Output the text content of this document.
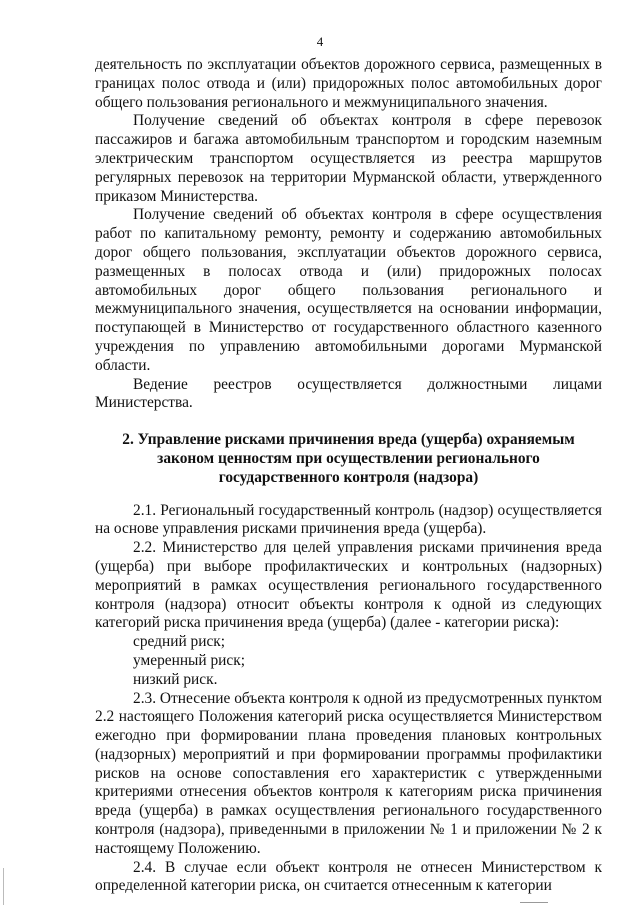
4

деятельность по эксплуатации объектов дорожного сервиса, размещенных в границах полос отвода и (или) придорожных полос автомобильных дорог общего пользования регионального и межмуниципального значения.

Получение сведений об объектах контроля в сфере перевозок пассажиров и багажа автомобильным транспортом и городским наземным электрическим транспортом осуществляется из реестра маршрутов регулярных перевозок на территории Мурманской области, утвержденного приказом Министерства.

Получение сведений об объектах контроля в сфере осуществления работ по капитальному ремонту, ремонту и содержанию автомобильных дорог общего пользования, эксплуатации объектов дорожного сервиса, размещенных в полосах отвода и (или) придорожных полосах автомобильных дорог общего пользования регионального и межмуниципального значения, осуществляется на основании информации, поступающей в Министерство от государственного областного казенного учреждения по управлению автомобильными дорогами Мурманской области.

Ведение реестров осуществляется должностными лицами Министерства.

2. Управление рисками причинения вреда (ущерба) охраняемым законом ценностям при осуществлении регионального государственного контроля (надзора)

2.1. Региональный государственный контроль (надзор) осуществляется на основе управления рисками причинения вреда (ущерба).

2.2. Министерство для целей управления рисками причинения вреда (ущерба) при выборе профилактических и контрольных (надзорных) мероприятий в рамках осуществления регионального государственного контроля (надзора) относит объекты контроля к одной из следующих категорий риска причинения вреда (ущерба) (далее - категории риска):

средний риск;

умеренный риск;

низкий риск.

2.3. Отнесение объекта контроля к одной из предусмотренных пунктом 2.2 настоящего Положения категорий риска осуществляется Министерством ежегодно при формировании плана проведения плановых контрольных (надзорных) мероприятий и при формировании программы профилактики рисков на основе сопоставления его характеристик с утвержденными критериями отнесения объектов контроля к категориям риска причинения вреда (ущерба) в рамках осуществления регионального государственного контроля (надзора), приведенными в приложении № 1 и приложении № 2 к настоящему Положению.

2.4. В случае если объект контроля не отнесен Министерством к определенной категории риска, он считается отнесенным к категории
